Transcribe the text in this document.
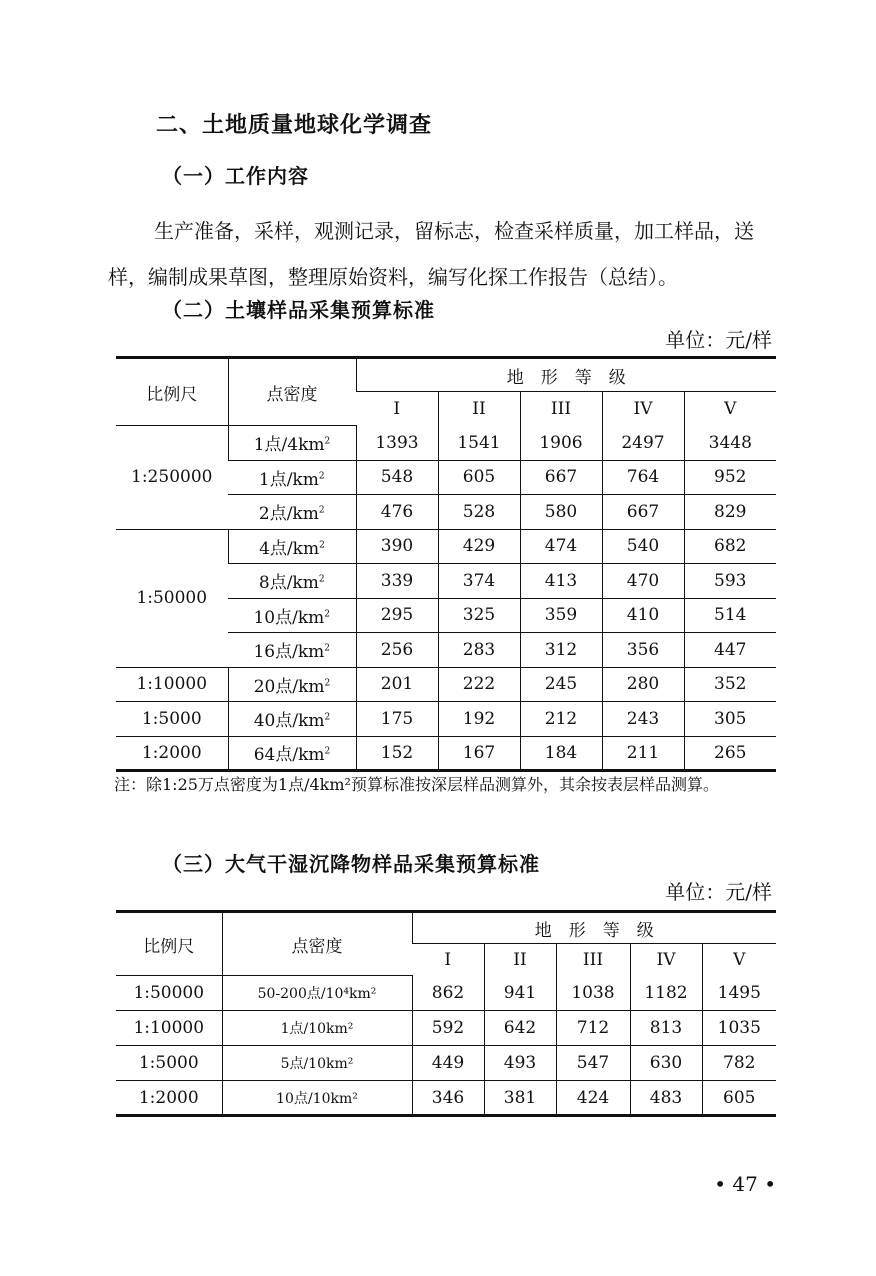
二、土地质量地球化学调查
（一）工作内容
生产准备，采样，观测记录，留标志，检查采样质量，加工样品，送样，编制成果草图，整理原始资料，编写化探工作报告（总结）。
（二）土壤样品采集预算标准
单位：元/样
比例尺	点密度	地　形　等　级				
		I	II	III	IV	V
1:250000	1点$/4km^2$	1393	1541	1906	2497	3448
	1点$/km^2$	548	605	667	764	952
	2点$/km^2$	476	528	580	667	829
1:50000	4点$/km^2$	390	429	474	540	682
	8点$/km^2$	339	374	413	470	593
	10点$/km^2$	295	325	359	410	514
	16点$/km^2$	256	283	312	356	447
1:10000	20点$/km^2$	201	222	245	280	352
1:5000	40点$/km^2$	175	192	212	243	305
1:2000	64点$/km^2$	152	167	184	211	265
注：除1:25万点密度为1点/4km²预算标准按深层样品测算外，其余按表层样品测算。
（三）大气干湿沉降物样品采集预算标准
单位：元/样
比例尺	点密度	地　形　等　级				
		I	II	III	IV	V
1:50000	50-200点/10⁴km²	862	941	1038	1182	1495
1:10000	1点/10km²	592	642	712	813	1035
1:5000	5点/10km²	449	493	547	630	782
1:2000	10点/10km²	346	381	424	483	605
• 47 •
